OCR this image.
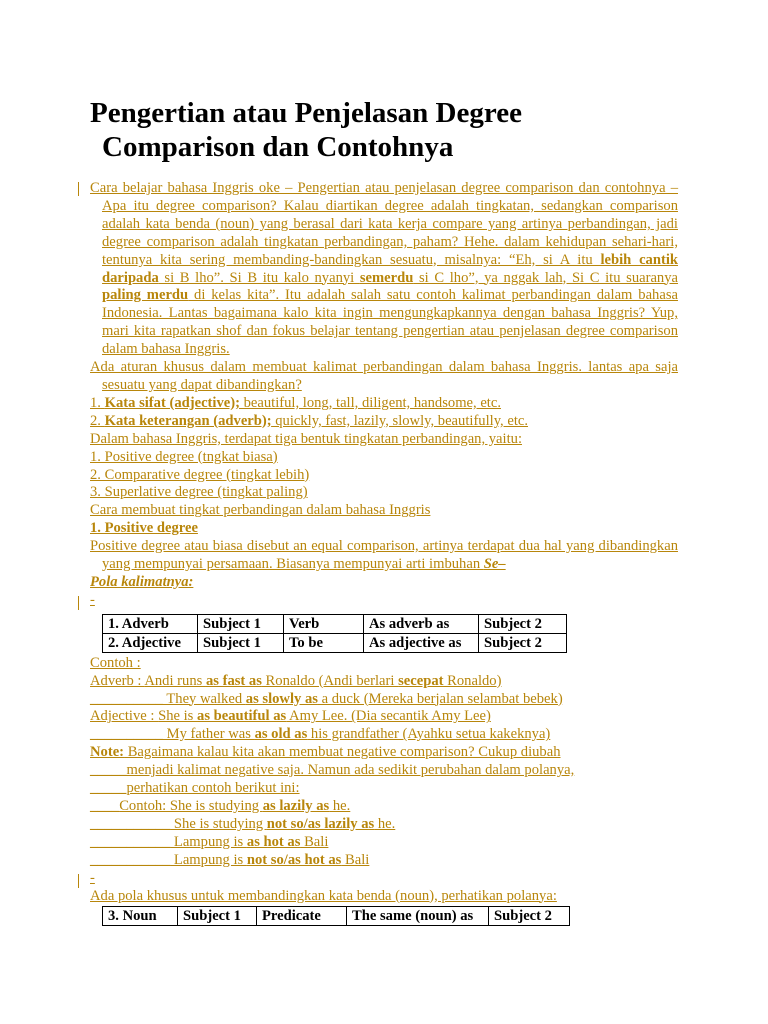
Pengertian atau Penjelasan Degree
Comparison dan Contohnya

Cara belajar bahasa Inggris oke – Pengertian atau penjelasan degree comparison dan contohnya – Apa itu degree comparison? Kalau diartikan degree adalah tingkatan, sedangkan comparison adalah kata benda (noun) yang berasal dari kata kerja compare yang artinya perbandingan, jadi degree comparison adalah tingkatan perbandingan, paham? Hehe. dalam kehidupan sehari-hari, tentunya kita sering membanding-bandingkan sesuatu, misalnya: “Eh, si A itu lebih cantik daripada si B lho”. Si B itu kalo nyanyi semerdu si C lho”, ya nggak lah, Si C itu suaranya paling merdu di kelas kita”. Itu adalah salah satu contoh kalimat perbandingan dalam bahasa Indonesia. Lantas bagaimana kalo kita ingin mengungkapkannya dengan bahasa Inggris? Yup, mari kita rapatkan shof dan fokus belajar tentang pengertian atau penjelasan degree comparison dalam bahasa Inggris.

Ada aturan khusus dalam membuat kalimat perbandingan dalam bahasa Inggris. lantas apa saja sesuatu yang dapat dibandingkan?

1. Kata sifat (adjective); beautiful, long, tall, diligent, handsome, etc.

2. Kata keterangan (adverb); quickly, fast, lazily, slowly, beautifully, etc.

Dalam bahasa Inggris, terdapat tiga bentuk tingkatan perbandingan, yaitu:

1. Positive degree (tngkat biasa)

2. Comparative degree (tingkat lebih)

3. Superlative degree (tingkat paling)

Cara membuat tingkat perbandingan dalam bahasa Inggris

1. Positive degree

Positive degree atau biasa disebut an equal comparison, artinya terdapat dua hal yang dibandingkan yang mempunyai persamaan. Biasanya mempunyai arti imbuhan Se–

Pola kalimatnya:

-

1. Adverb	Subject 1	Verb	As adverb as	Subject 2
2. Adjective	Subject 1	To be	As adjective as	Subject 2

Contoh :

Adverb : Andi runs as fast as Ronaldo (Andi berlari secepat Ronaldo)

__________ They walked as slowly as a duck (Mereka berjalan selambat bebek)

Adjective : She is as beautiful as Amy Lee. (Dia secantik Amy Lee)

__________ My father was as old as his grandfather (Ayahku setua kakeknya)

Note: Bagaimana kalau kita akan membuat negative comparison? Cukup diubah

_____menjadi kalimat negative saja. Namun ada sedikit perubahan dalam polanya,

_____perhatikan contoh berikut ini:

____Contoh: She is studying as lazily as he.

___________ She is studying not so/as lazily as he.

___________ Lampung is as hot as Bali

___________ Lampung is not so/as hot as Bali

-

Ada pola khusus untuk membandingkan kata benda (noun), perhatikan polanya:

3. Noun	Subject 1	Predicate	The same (noun) as	Subject 2
